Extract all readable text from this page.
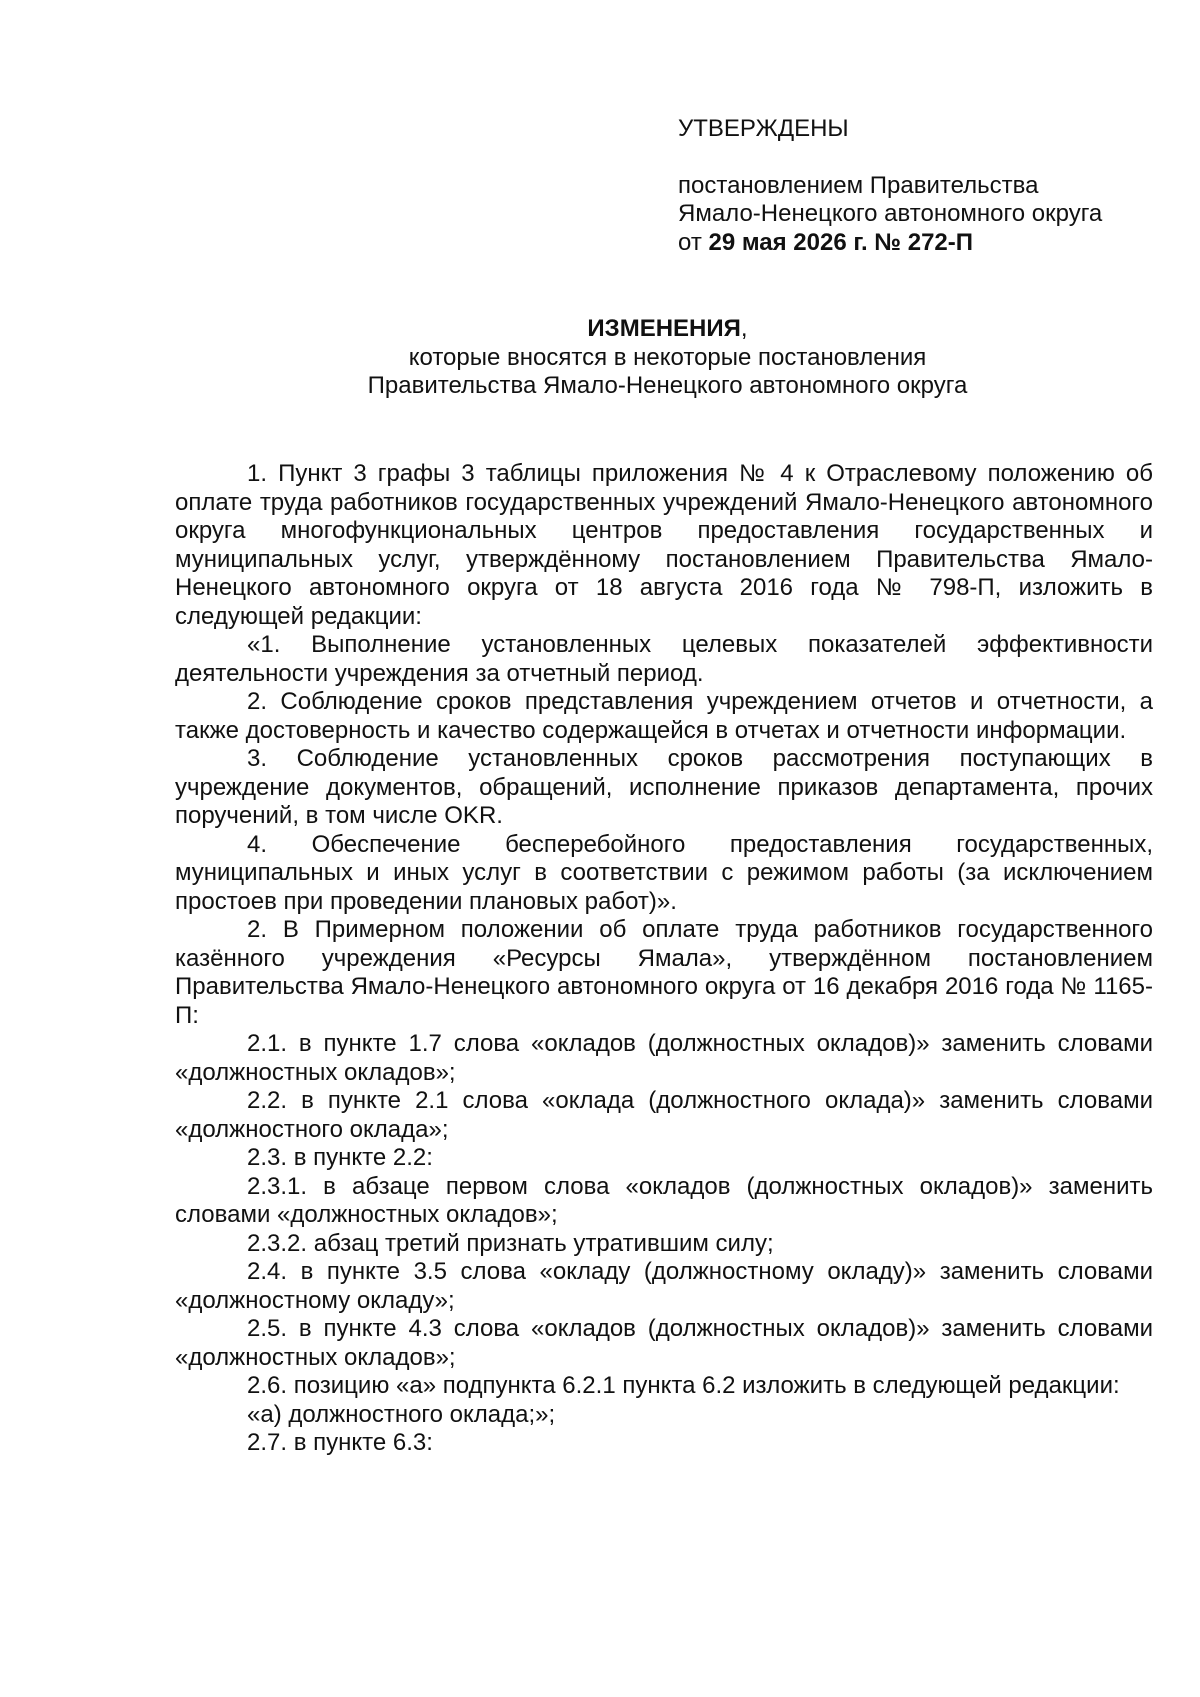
УТВЕРЖДЕНЫ

постановлением Правительства

Ямало-Ненецкого автономного округа

от 29 мая 2026 г. № 272-П

ИЗМЕНЕНИЯ,

которые вносятся в некоторые постановления

Правительства Ямало-Ненецкого автономного округа

1. Пункт 3 графы 3 таблицы приложения № 4 к Отраслевому положению об оплате труда работников государственных учреждений Ямало-Ненецкого автономного округа многофункциональных центров предоставления государственных и муниципальных услуг, утверждённому постановлением Правительства Ямало-Ненецкого автономного округа от 18 августа 2016 года № 798-П, изложить в следующей редакции:

«1. Выполнение установленных целевых показателей эффективности деятельности учреждения за отчетный период.

2. Соблюдение сроков представления учреждением отчетов и отчетности, а также достоверность и качество содержащейся в отчетах и отчетности информации.

3. Соблюдение установленных сроков рассмотрения поступающих в учреждение документов, обращений, исполнение приказов департамента, прочих поручений, в том числе OKR.

4. Обеспечение бесперебойного предоставления государственных, муниципальных и иных услуг в соответствии с режимом работы (за исключением простоев при проведении плановых работ)».

2. В Примерном положении об оплате труда работников государственного казённого учреждения «Ресурсы Ямала», утверждённом постановлением Правительства Ямало-Ненецкого автономного округа от 16 декабря 2016 года № 1165-П:

2.1. в пункте 1.7 слова «окладов (должностных окладов)» заменить словами «должностных окладов»;

2.2. в пункте 2.1 слова «оклада (должностного оклада)» заменить словами «должностного оклада»;

2.3. в пункте 2.2:

2.3.1. в абзаце первом слова «окладов (должностных окладов)» заменить словами «должностных окладов»;

2.3.2. абзац третий признать утратившим силу;

2.4. в пункте 3.5 слова «окладу (должностному окладу)» заменить словами «должностному окладу»;

2.5. в пункте 4.3 слова «окладов (должностных окладов)» заменить словами «должностных окладов»;

2.6. позицию «а» подпункта 6.2.1 пункта 6.2 изложить в следующей редакции:

«а) должностного оклада;»;

2.7. в пункте 6.3:
